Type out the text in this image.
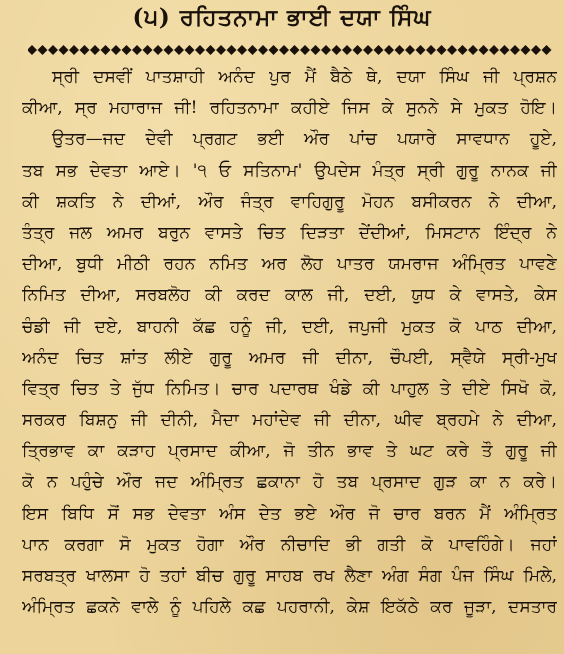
(੫) ਰਹਿਤਨਾਮਾ ਭਾਈ ਦਯਾ ਸਿੰਘ
ਸ੍ਰੀ ਦਸਵੀਂ ਪਾਤਸ਼ਾਹੀ ਅਨੰਦ ਪੁਰ ਮੈਂ ਬੈਠੇ ਥੇ, ਦਯਾ ਸਿੰਘ ਜੀ ਪ੍ਰਸ਼ਨ
ਕੀਆ, ਸ੍ਰ ਮਹਾਰਾਜ ਜੀ! ਰਹਿਤਨਾਮਾ ਕਹੀਏ ਜਿਸ ਕੇ ਸੁਨਨੇ ਸੇ ਮੁਕਤ ਹੋਇ।
ਉਤਰ—ਜਦ ਦੇਵੀ ਪ੍ਰਗਟ ਭਈ ਔਰ ਪਾਂਚ ਪਯਾਰੇ ਸਾਵਧਾਨ ਹੂਏ,
ਤਬ ਸਭ ਦੇਵਤਾ ਆਏ। '੧ ਓ ਸਤਿਨਾਮ' ਉਪਦੇਸ ਮੰਤ੍ਰ ਸ੍ਰੀ ਗੁਰੂ ਨਾਨਕ ਜੀ
ਕੀ ਸ਼ਕਤਿ ਨੇ ਦੀਆਂ, ਔਰ ਜੰਤ੍ਰ ਵਾਹਿਗੁਰੂ ਮੋਹਨ ਬਸੀਕਰਨ ਨੇ ਦੀਆ,
ਤੰਤ੍ਰ ਜਲ ਅਮਰ ਬਰੁਨ ਵਾਸਤੇ ਚਿਤ ਦਿੜਤਾ ਦੇਂਦੀਆਂ, ਮਿਸਟਾਨ ਇੰਦ੍ਰ ਨੇ
ਦੀਆ, ਬੁਧੀ ਮੀਠੀ ਰਹਨ ਨਮਿਤ ਅਰ ਲੋਹ ਪਾਤਰ ਯਮਰਾਜ ਅੰਮ੍ਰਿਤ ਪਾਵਣੇ
ਨਿਮਿਤ ਦੀਆ, ਸਰਬਲੋਹ ਕੀ ਕਰਦ ਕਾਲ ਜੀ, ਦਈ, ਯੁਧ ਕੇ ਵਾਸਤੇ, ਕੇਸ
ਚੰਡੀ ਜੀ ਦਏ, ਬਾਹਨੀ ਕੱਛ ਹਨੂੰ ਜੀ, ਦਈ, ਜਪੁਜੀ ਮੁਕਤ ਕੋ ਪਾਠ ਦੀਆ,
ਅਨੰਦ ਚਿਤ ਸ਼ਾਂਤ ਲੀਏ ਗੁਰੂ ਅਮਰ ਜੀ ਦੀਨਾ, ਚੌਪਈ, ਸ੍ਵੈਯੇ ਸ੍ਰੀ-ਮੁਖ
ਵਿਤ੍ਰ ਚਿਤ ਤੇ ਜੁੱਧ ਨਿਮਿਤ। ਚਾਰ ਪਦਾਰਥ ਖੰਡੇ ਕੀ ਪਾਹੁਲ ਤੇ ਦੀਏ ਸਿਖੋ ਕੋ,
ਸਰਕਰ ਬਿਸ਼ਨੁ ਜੀ ਦੀਨੀ, ਮੈਦਾ ਮਹਾਂਦੇਵ ਜੀ ਦੀਨਾ, ਘੀਵ ਬ੍ਰਹਮੇ ਨੇ ਦੀਆ,
ਤ੍ਰਿਭਾਵ ਕਾ ਕੜਾਹ ਪ੍ਰਸਾਦ ਕੀਆ, ਜੋ ਤੀਨ ਭਾਵ ਤੇ ਘਟ ਕਰੇ ਤੌ ਗੁਰੂ ਜੀ
ਕੋ ਨ ਪਹੁੰਚੇ ਔਰ ਜਦ ਅੰਮ੍ਰਿਤ ਛਕਾਨਾ ਹੋ ਤਬ ਪ੍ਰਸਾਦ ਗੁੜ ਕਾ ਨ ਕਰੇ।
ਇਸ ਬਿਧਿ ਸੋਂ ਸਭ ਦੇਵਤਾ ਅੰਸ ਦੇਤ ਭਏ ਔਰ ਜੋ ਚਾਰ ਬਰਨ ਮੈਂ ਅੰਮ੍ਰਿਤ
ਪਾਨ ਕਰਗਾ ਸੋ ਮੁਕਤ ਹੋਗਾ ਔਰ ਨੀਚਾਦਿ ਭੀ ਗਤੀ ਕੋ ਪਾਵਹਿੰਗੇ। ਜਹਾਂ
ਸਰਬਤ੍ਰ ਖਾਲਸਾ ਹੋ ਤਹਾਂ ਬੀਚ ਗੁਰੂ ਸਾਹਬ ਰਖ ਲੈਣਾ ਅੰਗ ਸੰਗ ਪੰਜ ਸਿੰਘ ਮਿਲੇ,
ਅੰਮ੍ਰਿਤ ਛਕਨੇ ਵਾਲੇ ਨੂੰ ਪਹਿਲੇ ਕਛ ਪਹਰਾਨੀ, ਕੇਸ਼ ਇਕੱਠੇ ਕਰ ਜੂੜਾ, ਦਸਤਾਰ
